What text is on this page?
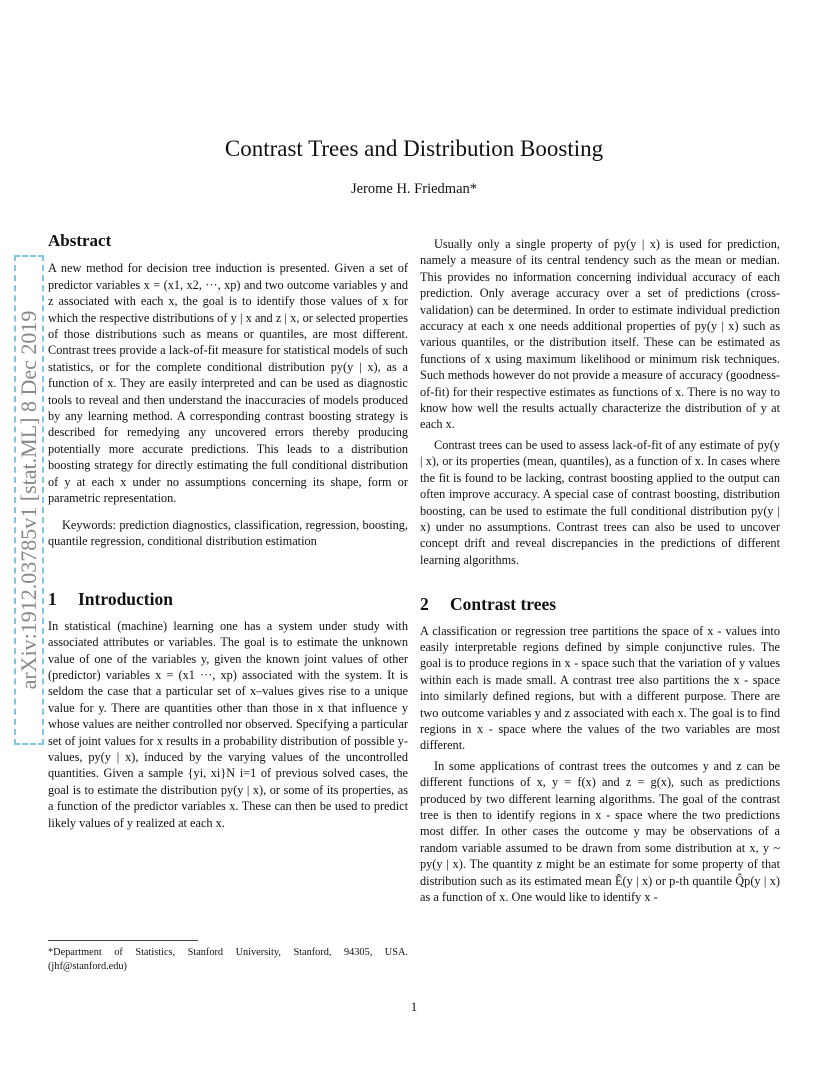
arXiv:1912.03785v1 [stat.ML] 8 Dec 2019
Contrast Trees and Distribution Boosting
Jerome H. Friedman*
Abstract

A new method for decision tree induction is presented. Given a set of predictor variables x = (x1, x2, ···, xp) and two outcome variables y and z associated with each x, the goal is to identify those values of x for which the respective distributions of y | x and z | x, or selected properties of those distributions such as means or quantiles, are most different. Contrast trees provide a lack-of-fit measure for statistical models of such statistics, or for the complete conditional distribution py(y | x), as a function of x. They are easily interpreted and can be used as diagnostic tools to reveal and then understand the inaccuracies of models produced by any learning method. A corresponding contrast boosting strategy is described for remedying any uncovered errors thereby producing potentially more accurate predictions. This leads to a distribution boosting strategy for directly estimating the full conditional distribution of y at each x under no assumptions concerning its shape, form or parametric representation.

Keywords: prediction diagnostics, classification, regression, boosting, quantile regression, conditional distribution estimation

1 Introduction

In statistical (machine) learning one has a system under study with associated attributes or variables. The goal is to estimate the unknown value of one of the variables y, given the known joint values of other (predictor) variables x = (x1 ···, xp) associated with the system. It is seldom the case that a particular set of x–values gives rise to a unique value for y. There are quantities other than those in x that influence y whose values are neither controlled nor observed. Specifying a particular set of joint values for x results in a probability distribution of possible y-values, py(y | x), induced by the varying values of the uncontrolled quantities. Given a sample {yi, xi}N i=1 of previous solved cases, the goal is to estimate the distribution py(y | x), or some of its properties, as a function of the predictor variables x. These can then be used to predict likely values of y realized at each x.

*Department of Statistics, Stanford University, Stanford, 94305, USA.(jhf@stanford.edu)

Usually only a single property of py(y | x) is used for prediction, namely a measure of its central tendency such as the mean or median. This provides no information concerning individual accuracy of each prediction. Only average accuracy over a set of predictions (cross-validation) can be determined. In order to estimate individual prediction accuracy at each x one needs additional properties of py(y | x) such as various quantiles, or the distribution itself. These can be estimated as functions of x using maximum likelihood or minimum risk techniques. Such methods however do not provide a measure of accuracy (goodness-of-fit) for their respective estimates as functions of x. There is no way to know how well the results actually characterize the distribution of y at each x.

Contrast trees can be used to assess lack-of-fit of any estimate of py(y | x), or its properties (mean, quantiles), as a function of x. In cases where the fit is found to be lacking, contrast boosting applied to the output can often improve accuracy. A special case of contrast boosting, distribution boosting, can be used to estimate the full conditional distribution py(y | x) under no assumptions. Contrast trees can also be used to uncover concept drift and reveal discrepancies in the predictions of different learning algorithms.

2 Contrast trees

A classification or regression tree partitions the space of x - values into easily interpretable regions defined by simple conjunctive rules. The goal is to produce regions in x - space such that the variation of y values within each is made small. A contrast tree also partitions the x - space into similarly defined regions, but with a different purpose. There are two outcome variables y and z associated with each x. The goal is to find regions in x - space where the values of the two variables are most different.

In some applications of contrast trees the outcomes y and z can be different functions of x, y = f(x) and z = g(x), such as predictions produced by two different learning algorithms. The goal of the contrast tree is then to identify regions in x - space where the two predictions most differ. In other cases the outcome y may be observations of a random variable assumed to be drawn from some distribution at x, y ~ py(y | x). The quantity z might be an estimate for some property of that distribution such as its estimated mean Ê(y | x) or p-th quantile Q̂p(y | x) as a function of x. One would like to identify x -

1
